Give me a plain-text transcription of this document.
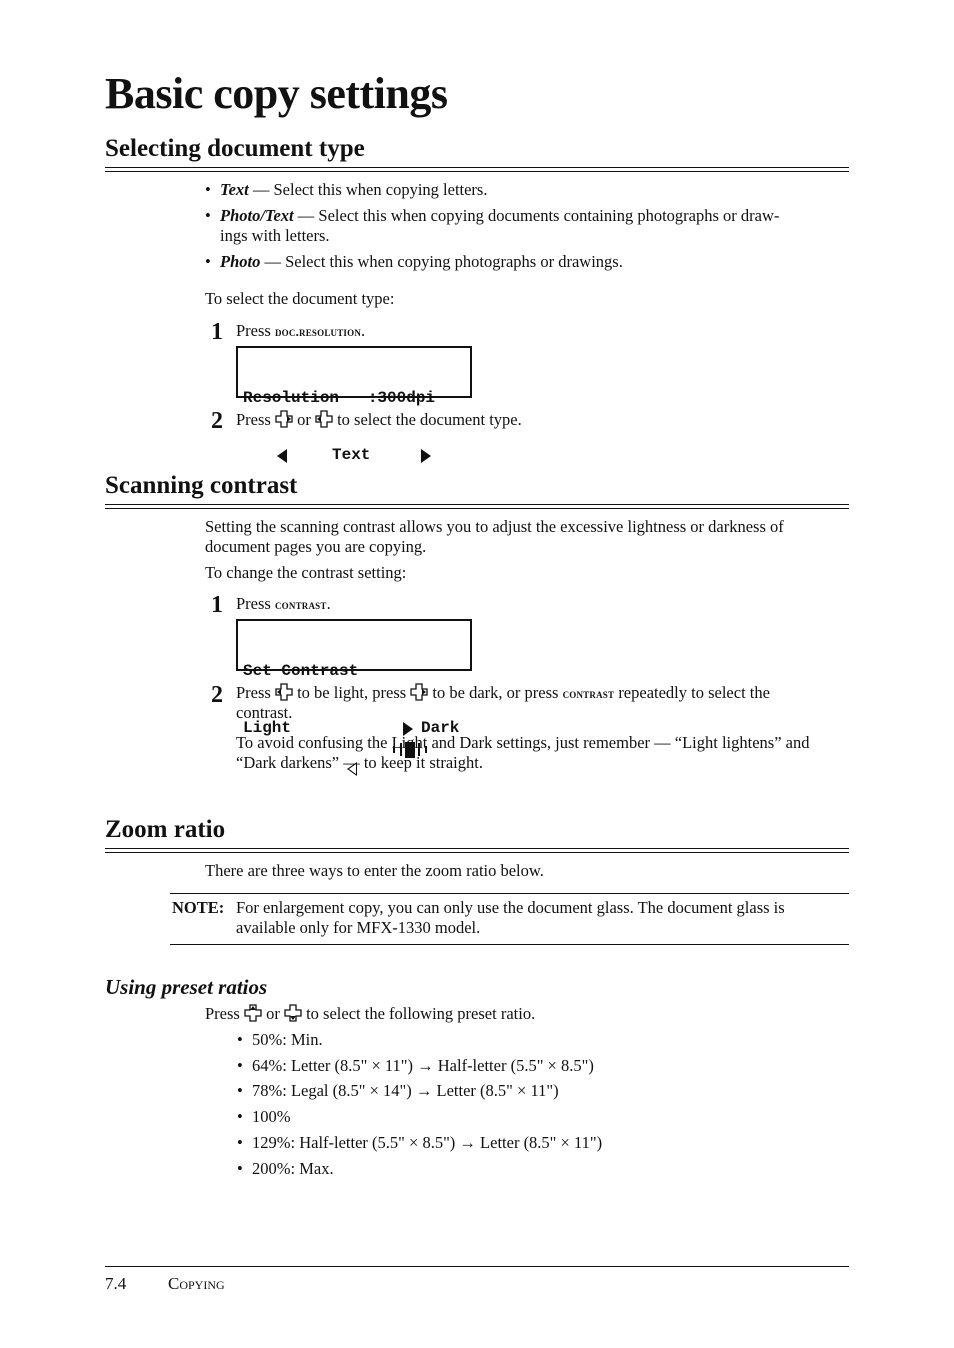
Basic copy settings
Selecting document type
• Text — Select this when copying letters.
• Photo/Text — Select this when copying documents containing photographs or draw-
ings with letters.
• Photo — Select this when copying photographs or drawings.
To select the document type:
1 Press doc.resolution.

Resolution   :300dpi

Text

2 Press  or  to select the document type.
Scanning contrast
Setting the scanning contrast allows you to adjust the excessive lightness or darkness of
document pages you are copying.
To change the contrast setting:
1 Press contrast.

Set Contrast

Light

	Dark

2 Press  to be light, press  to be dark, or press contrast repeatedly to select the
contrast.
To avoid confusing the Light and Dark settings, just remember — “Light lightens” and
“Dark darkens” — to keep it straight.
Zoom ratio
There are three ways to enter the zoom ratio below.
NOTE: For enlargement copy, you can only use the document glass. The document glass is
available only for MFX-1330 model.
Using preset ratios
Press  or  to select the following preset ratio.
• 50%: Min.
• 64%: Letter (8.5" × 11") → Half-letter (5.5" × 8.5")
• 78%: Legal (8.5" × 14") → Letter (8.5" × 11")
• 100%
• 129%: Half-letter (5.5" × 8.5") → Letter (8.5" × 11")
• 200%: Max.
7.4 Copying
